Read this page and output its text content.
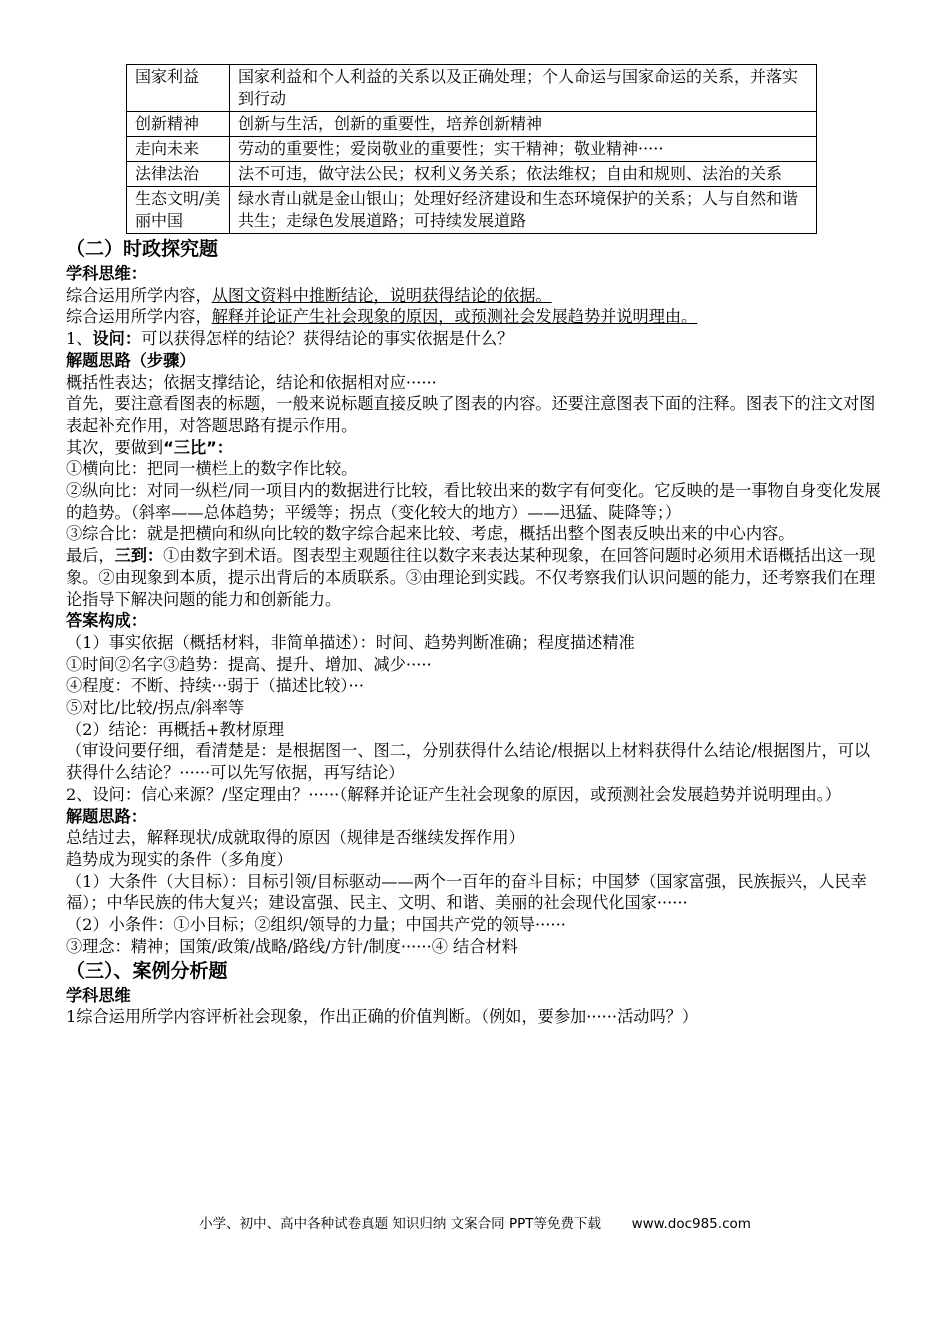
国家利益	国家利益和个人利益的关系以及正确处理；个人命运与国家命运的关系，并落实到行动
创新精神	创新与生活，创新的重要性，培养创新精神
走向未来	劳动的重要性；爱岗敬业的重要性；实干精神；敬业精神·····
法律法治	法不可违，做守法公民；权利义务关系；依法维权；自由和规则、法治的关系
生态文明/美丽中国	绿水青山就是金山银山；处理好经济建设和生态环境保护的关系；人与自然和谐共生；走绿色发展道路；可持续发展道路

（二）时政探究题

学科思维：

综合运用所学内容，从图文资料中推断结论，说明获得结论的依据。

综合运用所学内容，解释并论证产生社会现象的原因，或预测社会发展趋势并说明理由。

1、设问：可以获得怎样的结论？获得结论的事实依据是什么？

解题思路（步骤）

概括性表达；依据支撑结论，结论和依据相对应······

首先，要注意看图表的标题，一般来说标题直接反映了图表的内容。还要注意图表下面的注释。图表下的注文对图表起补充作用，对答题思路有提示作用。

其次，要做到“三比”：

①横向比：把同一横栏上的数字作比较。

②纵向比：对同一纵栏/同一项目内的数据进行比较，看比较出来的数字有何变化。它反映的是一事物自身变化发展的趋势。（斜率——总体趋势；平缓等；拐点（变化较大的地方）——迅猛、陡降等；）

③综合比：就是把横向和纵向比较的数字综合起来比较、考虑，概括出整个图表反映出来的中心内容。

最后，三到：①由数字到术语。图表型主观题往往以数字来表达某种现象，在回答问题时必须用术语概括出这一现象。②由现象到本质，提示出背后的本质联系。③由理论到实践。不仅考察我们认识问题的能力，还考察我们在理论指导下解决问题的能力和创新能力。

答案构成：

（1）事实依据（概括材料，非简单描述）：时间、趋势判断准确；程度描述精准

①时间②名字③趋势：提高、提升、增加、减少·····

④程度：不断、持续···弱于（描述比较）···

⑤对比/比较/拐点/斜率等

（2）结论：再概括+教材原理

（审设问要仔细，看清楚是：是根据图一、图二，分别获得什么结论/根据以上材料获得什么结论/根据图片，可以获得什么结论？······可以先写依据，再写结论）

2、设问：信心来源？/坚定理由？······（解释并论证产生社会现象的原因，或预测社会发展趋势并说明理由。）

解题思路：

总结过去，解释现状/成就取得的原因（规律是否继续发挥作用）

趋势成为现实的条件（多角度）

（1）大条件（大目标）：目标引领/目标驱动——两个一百年的奋斗目标；中国梦（国家富强，民族振兴，人民幸福）；中华民族的伟大复兴；建设富强、民主、文明、和谐、美丽的社会现代化国家······

（2）小条件：①小目标；②组织/领导的力量；中国共产党的领导······

③理念：精神；国策/政策/战略/路线/方针/制度······④ 结合材料

（三）、案例分析题

学科思维

1综合运用所学内容评析社会现象，作出正确的价值判断。（例如，要参加······活动吗？）

小学、初中、高中各种试卷真题 知识归纳 文案合同 PPT等免费下载 www.doc985.com
